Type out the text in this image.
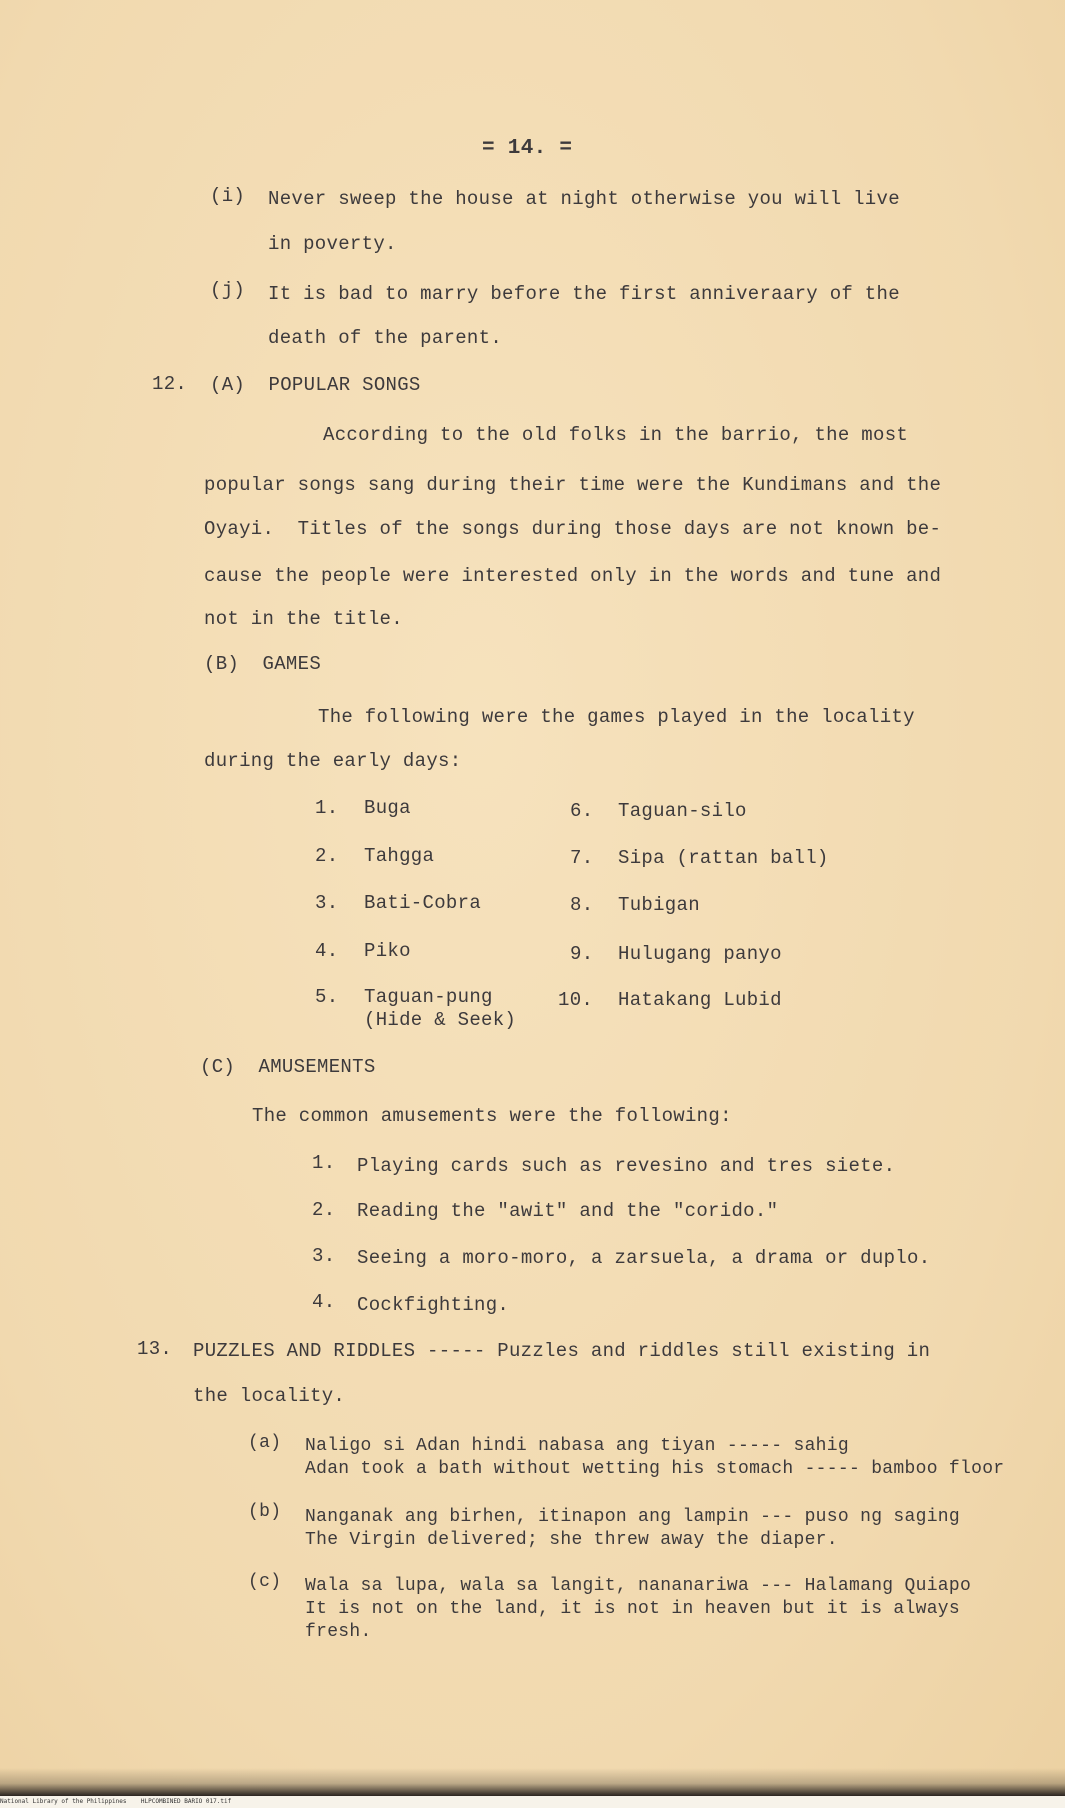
= 14. =
(i) Never sweep the house at night otherwise you will live
in poverty.
(j) It is bad to marry before the first anniveraary of the
death of the parent.
12. (A)  POPULAR SONGS
According to the old folks in the barrio, the most
popular songs sang during their time were the Kundimans and the
Oyayi.  Titles of the songs during those days are not known be-
cause the people were interested only in the words and tune and
not in the title.
(B)  GAMES
The following were the games played in the locality
during the early days:
1. Buga
2. Tahgga
3. Bati-Cobra
4. Piko
5. Taguan-pung
(Hide & Seek)
6. Taguan-silo
7. Sipa (rattan ball)
8. Tubigan
9. Hulugang panyo
10. Hatakang Lubid
(C)  AMUSEMENTS
The common amusements were the following:
1. Playing cards such as revesino and tres siete.
2. Reading the "awit" and the "corido."
3. Seeing a moro-moro, a zarsuela, a drama or duplo.
4. Cockfighting.
13. PUZZLES AND RIDDLES ----- Puzzles and riddles still existing in
the locality.
(a) Naligo si Adan hindi nabasa ang tiyan ----- sahig
Adan took a bath without wetting his stomach ----- bamboo floor
(b) Nanganak ang birhen, itinapon ang lampin --- puso ng saging
The Virgin delivered; she threw away the diaper.
(c) Wala sa lupa, wala sa langit, nananariwa --- Halamang Quiapo
It is not on the land, it is not in heaven but it is always
fresh.
National Library of the Philippines    HLPCOMBINED BARIO 017.tif
